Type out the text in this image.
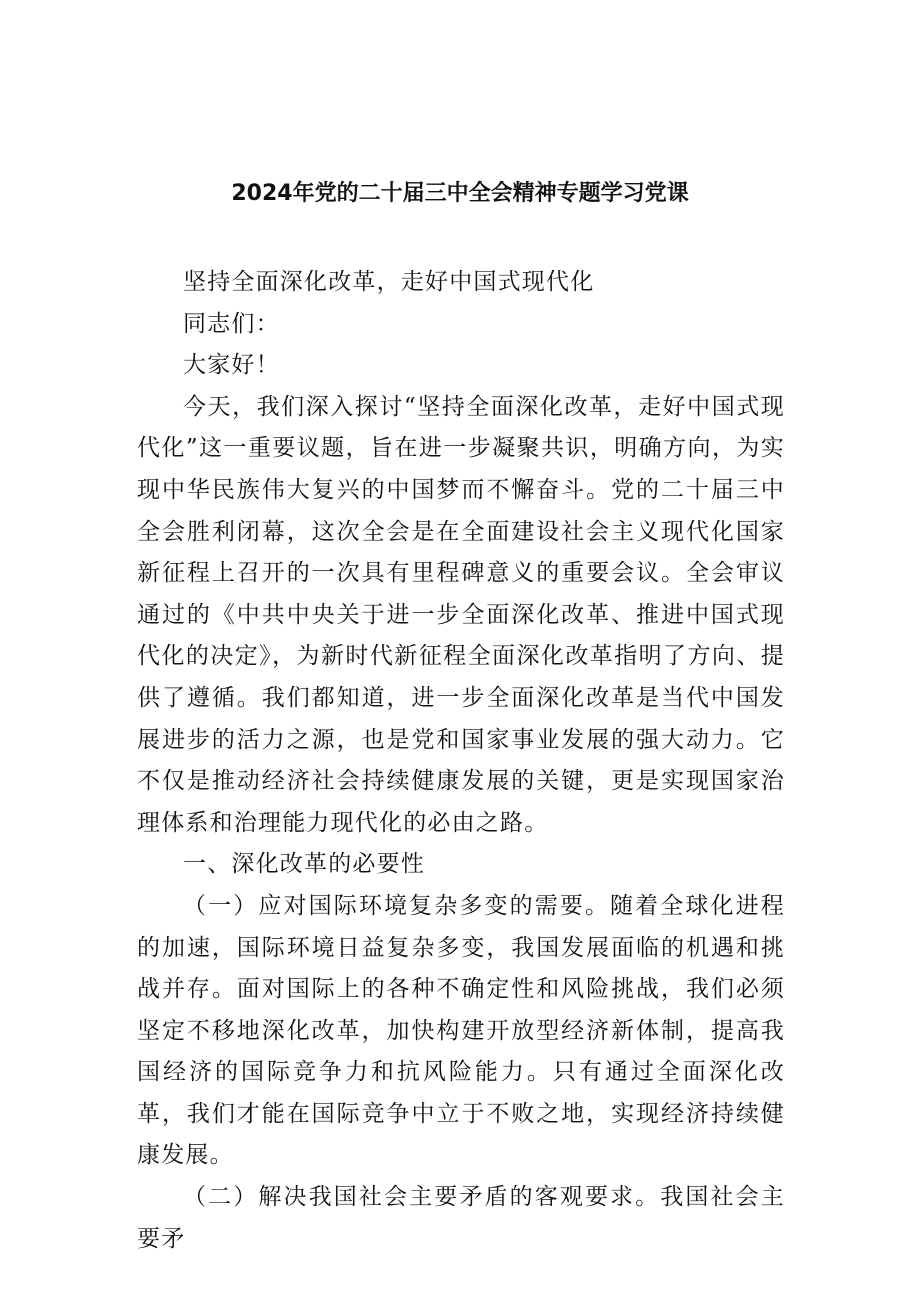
2024年党的二十届三中全会精神专题学习党课

坚持全面深化改革，走好中国式现代化

同志们：

大家好！

今天，我们深入探讨“坚持全面深化改革，走好中国式现代化”这一重要议题，旨在进一步凝聚共识，明确方向，为实现中华民族伟大复兴的中国梦而不懈奋斗。党的二十届三中全会胜利闭幕，这次全会是在全面建设社会主义现代化国家新征程上召开的一次具有里程碑意义的重要会议。全会审议通过的《中共中央关于进一步全面深化改革、推进中国式现代化的决定》，为新时代新征程全面深化改革指明了方向、提供了遵循。我们都知道，进一步全面深化改革是当代中国发展进步的活力之源，也是党和国家事业发展的强大动力。它不仅是推动经济社会持续健康发展的关键，更是实现国家治理体系和治理能力现代化的必由之路。

一、深化改革的必要性

（一）应对国际环境复杂多变的需要。随着全球化进程的加速，国际环境日益复杂多变，我国发展面临的机遇和挑战并存。面对国际上的各种不确定性和风险挑战，我们必须坚定不移地深化改革，加快构建开放型经济新体制，提高我国经济的国际竞争力和抗风险能力。只有通过全面深化改革，我们才能在国际竞争中立于不败之地，实现经济持续健康发展。

（二）解决我国社会主要矛盾的客观要求。我国社会主要矛
